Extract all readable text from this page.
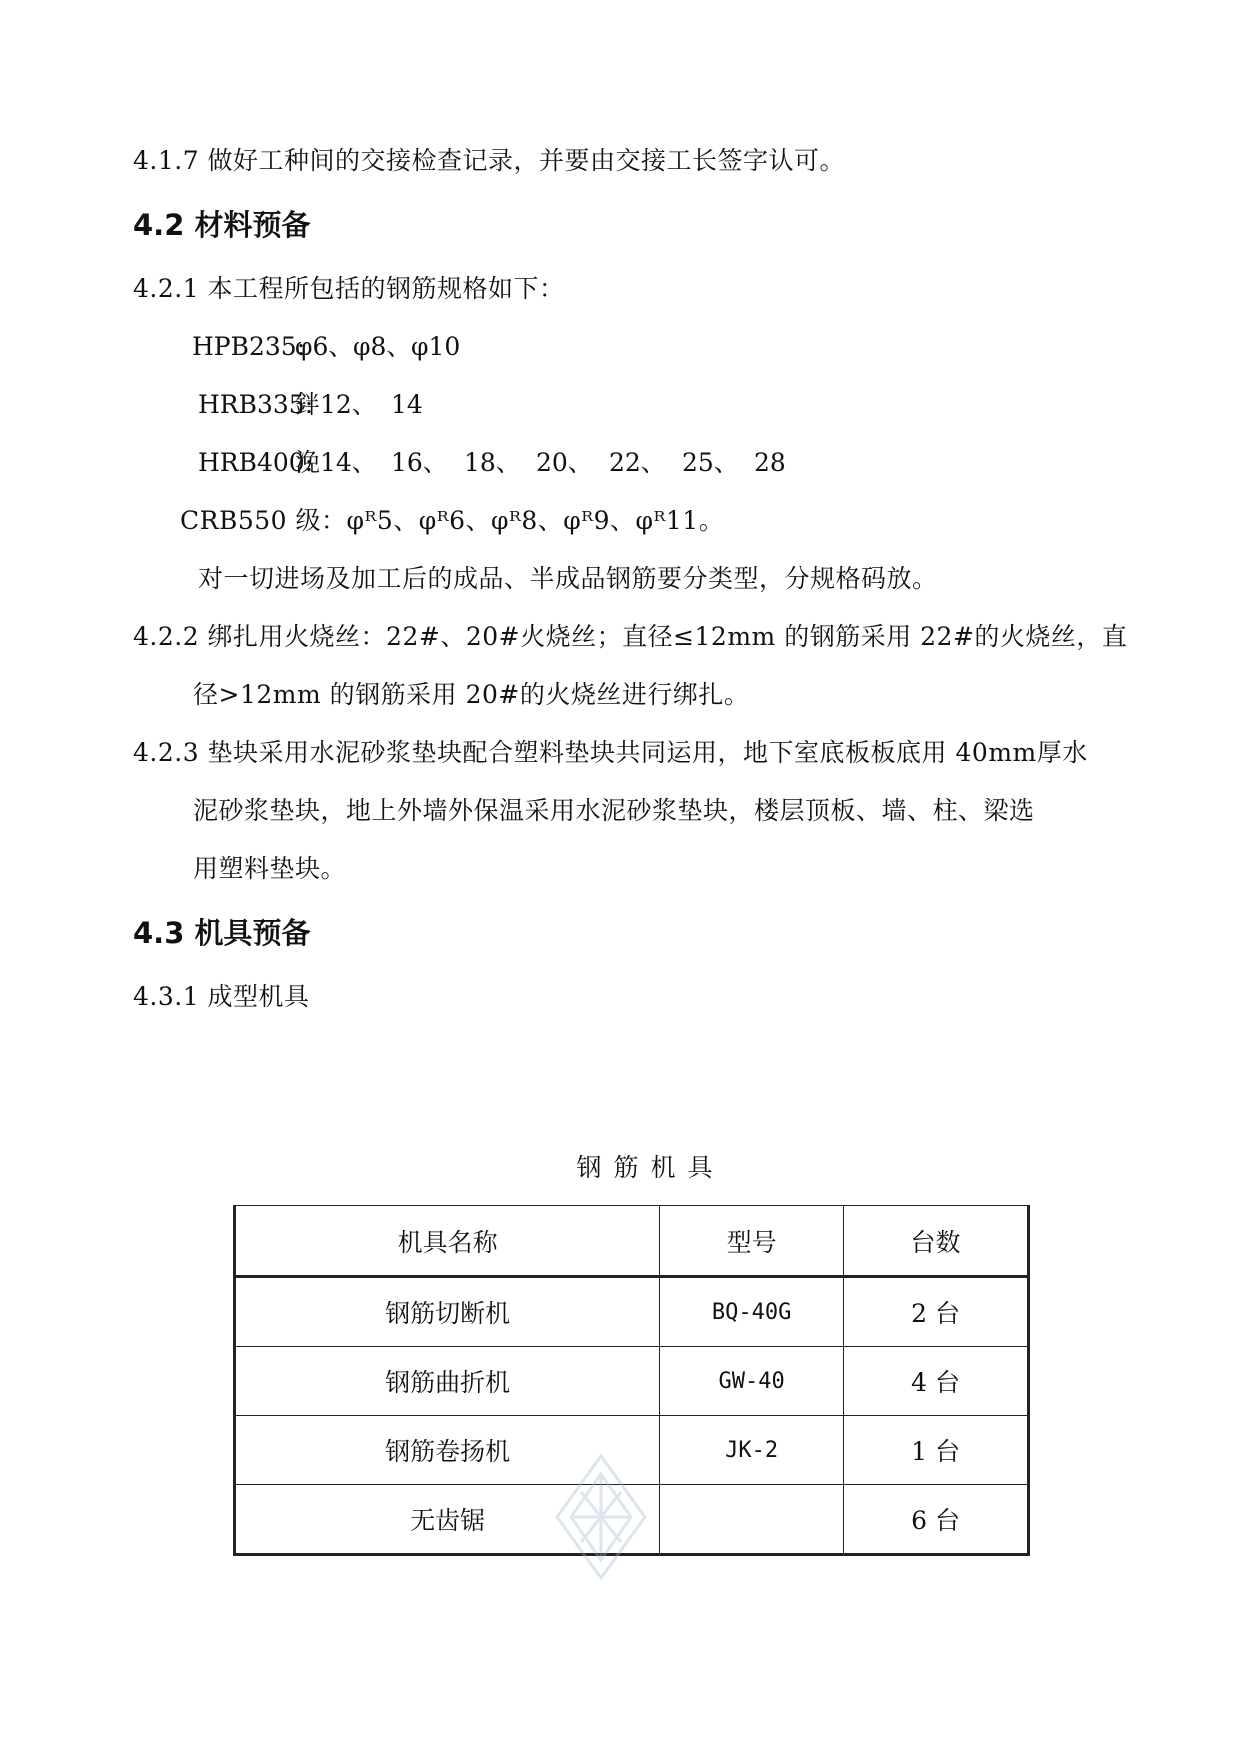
4.1.7 做好工种间的交接检查记录，并要由交接工长签字认可。
4.2 材料预备
4.2.1 本工程所包括的钢筋规格如下：
HPB235:
φ6、 φ8、 φ10
HRB335:
鉡12、 14
HRB400:
浼14、 16、 18、 20、 22、 25、 28
CRB550 级：φᴿ5、φᴿ6、φᴿ8、φᴿ9、φᴿ11。
对一切进场及加工后的成品、半成品钢筋要分类型，分规格码放。
4.2.2 绑扎用火烧丝：22#、20#火烧丝；直径≤12mm 的钢筋采用 22#的火烧丝，直
径>12mm 的钢筋采用 20#的火烧丝进行绑扎。
4.2.3 垫块采用水泥砂浆垫块配合塑料垫块共同运用，地下室底板板底用 40mm厚水
泥砂浆垫块，地上外墙外保温采用水泥砂浆垫块，楼层顶板、墙、柱、梁选
用塑料垫块。
4.3 机具预备
4.3.1 成型机具
钢筋机具
机具名称	型号	台数
钢筋切断机	BQ-40G	2 台
钢筋曲折机	GW-40	4 台
钢筋卷扬机	JK-2	1 台
无齿锯		6 台
